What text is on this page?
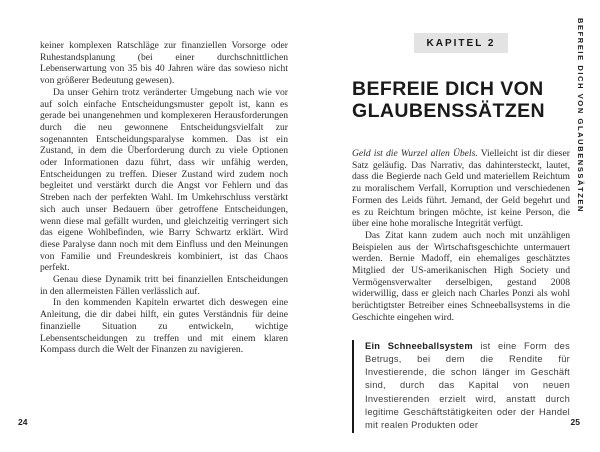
keiner komplexen Ratschläge zur finanziellen Vorsorge oder Ruhestandsplanung (bei einer durchschnittlichen Lebenserwartung von 35 bis 40 Jahren wäre das sowieso nicht von größerer Bedeutung gewesen).

Da unser Gehirn trotz veränderter Umgebung nach wie vor auf solch einfache Entscheidungsmuster gepolt ist, kann es gerade bei unangenehmen und komplexeren Herausforderungen durch die neu gewonnene Entscheidungsvielfalt zur sogenannten Entscheidungsparalyse kommen. Das ist ein Zustand, in dem die Überforderung durch zu viele Optionen oder Informationen dazu führt, dass wir unfähig werden, Entscheidungen zu treffen. Dieser Zustand wird zudem noch begleitet und verstärkt durch die Angst vor Fehlern und das Streben nach der perfekten Wahl. Im Umkehrschluss verstärkt sich auch unser Bedauern über getroffene Entscheidungen, wenn diese mal gefällt wurden, und gleichzeitig verringert sich das eigene Wohlbefinden, wie Barry Schwartz erklärt. Wird diese Paralyse dann noch mit dem Einfluss und den Meinungen von Familie und Freundeskreis kombiniert, ist das Chaos perfekt.

Genau diese Dynamik tritt bei finanziellen Entscheidungen in den allermeisten Fällen verlässlich auf.

In den kommenden Kapiteln erwartet dich deswegen eine Anleitung, die dir dabei hilft, ein gutes Verständnis für deine finanzielle Situation zu entwickeln, wichtige Lebensentscheidungen zu treffen und mit einem klaren Kompass durch die Welt der Finanzen zu navigieren.

24
KAPITEL 2
BEFREIE DICH VON
GLAUBENSSÄTZEN

Geld ist die Wurzel allen Übels. Vielleicht ist dir dieser Satz geläufig. Das Narrativ, das dahintersteckt, lautet, dass die Begierde nach Geld und materiellem Reichtum zu moralischem Verfall, Korruption und verschiedenen Formen des Leids führt. Jemand, der Geld begehrt und es zu Reichtum bringen möchte, ist keine Person, die über eine hohe moralische Integrität verfügt.

Das Zitat kann zudem auch noch mit unzähligen Beispielen aus der Wirtschaftsgeschichte untermauert werden. Bernie Madoff, ein ehemaliges geschätztes Mitglied der US-amerikanischen High Society und Vermögensverwalter derselbigen, gestand 2008 widerwillig, dass er gleich nach Charles Ponzi als wohl berüchtigtster Betreiber eines Schneeballsystems in die Geschichte eingehen wird.

Ein Schneeballsystem ist eine Form des Betrugs, bei dem die Rendite für Investierende, die schon länger im Geschäft sind, durch das Kapital von neuen Investierenden erzielt wird, anstatt durch legitime Geschäftstätigkeiten oder der Handel mit realen Produkten oder
BEFREIE DICH VON GLAUBENSSÄTZEN
25
